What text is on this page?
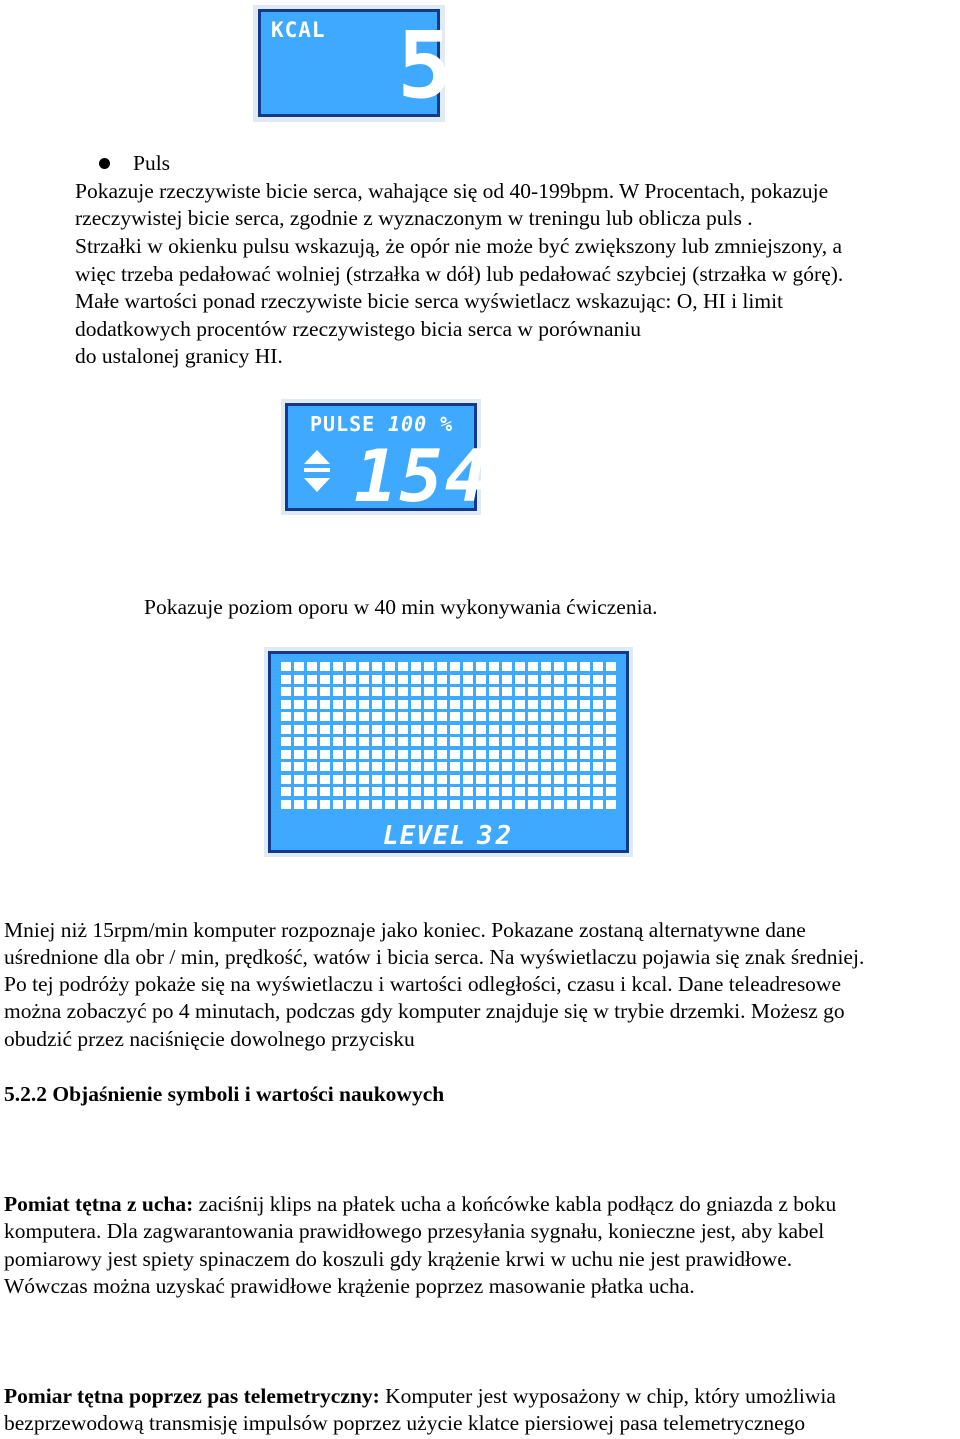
KCAL 5
Puls
Pokazuje rzeczywiste bicie serca, wahające się od 40-199bpm. W Procentach, pokazuje
rzeczywistej bicie serca, zgodnie z wyznaczonym w treningu lub oblicza puls .
Strzałki w okienku pulsu wskazują, że opór nie może być zwiększony lub zmniejszony, a
więc trzeba pedałować wolniej (strzałka w dół) lub pedałować szybciej (strzałka w górę).
Małe wartości ponad rzeczywiste bicie serca wyświetlacz wskazując: O, HI i limit
dodatkowych procentów rzeczywistego bicia serca w porównaniu
do ustalonej granicy HI.
PULSE 100 %
154
Pokazuje poziom oporu w 40 min wykonywania ćwiczenia.
LEVEL 32
Mniej niż 15rpm/min komputer rozpoznaje jako koniec. Pokazane zostaną alternatywne dane
uśrednione dla obr / min, prędkość, watów i bicia serca. Na wyświetlaczu pojawia się znak średniej.
Po tej podróży pokaże się na wyświetlaczu i wartości odległości, czasu i kcal. Dane teleadresowe
można zobaczyć po 4 minutach, podczas gdy komputer znajduje się w trybie drzemki. Możesz go
obudzić przez naciśnięcie dowolnego przycisku
5.2.2 Objaśnienie symboli i wartości naukowych
Pomiat tętna z ucha: zaciśnij klips na płatek ucha a końcówke kabla podłącz do gniazda z boku
komputera. Dla zagwarantowania prawidłowego przesyłania sygnału, konieczne jest, aby kabel
pomiarowy jest spiety spinaczem do koszuli gdy krążenie krwi w uchu nie jest prawidłowe.
Wówczas można uzyskać prawidłowe krążenie poprzez masowanie płatka ucha.
Pomiar tętna poprzez pas telemetryczny: Komputer jest wyposażony w chip, który umożliwia
bezprzewodową transmisję impulsów poprzez użycie klatce piersiowej pasa telemetrycznego
